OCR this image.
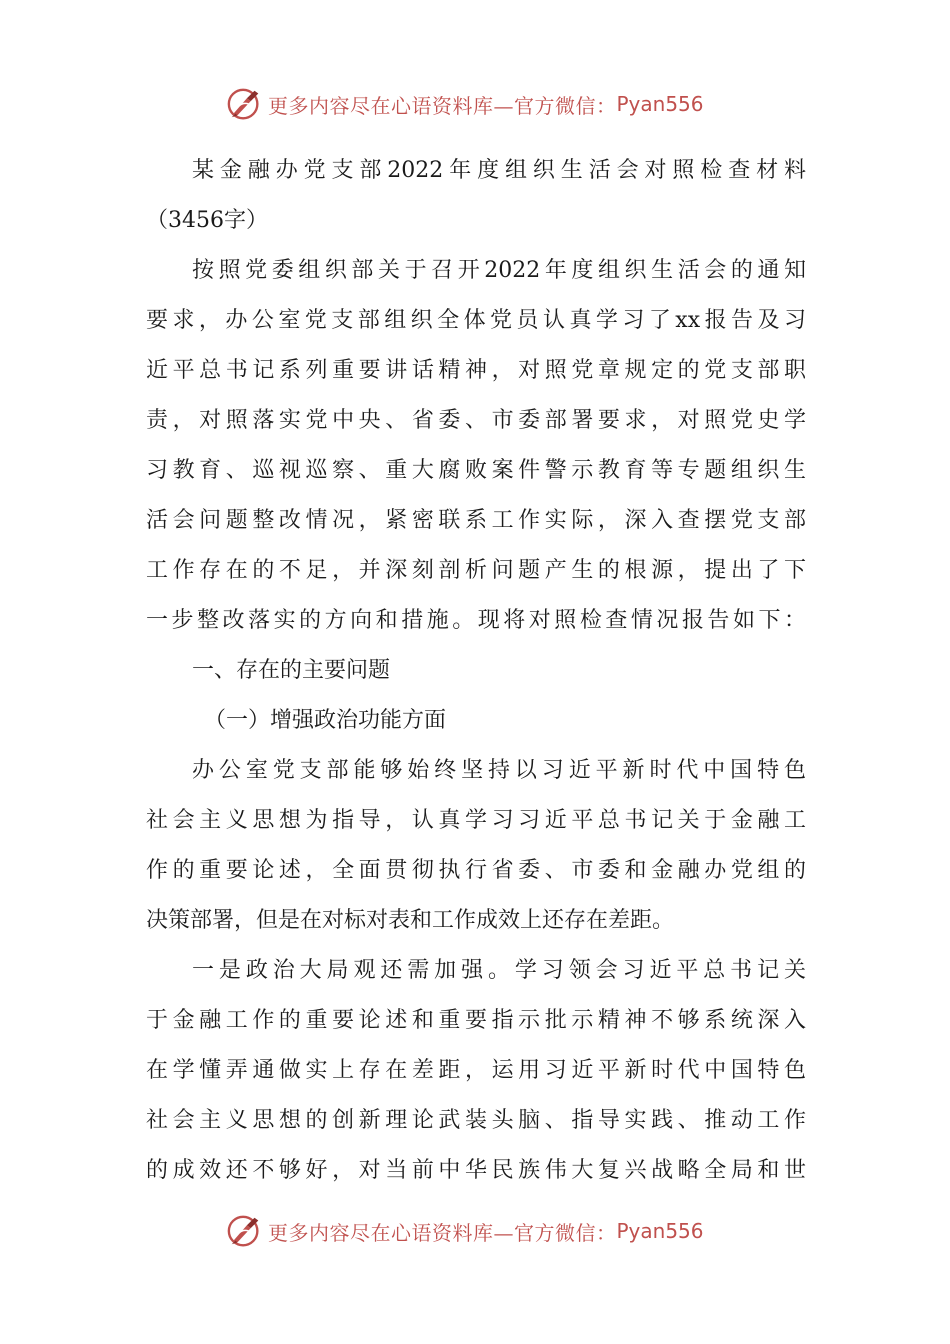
更多内容尽在心语资料库—官方微信： Pyan556
某金融办党支部2022年度组织生活会对照检查材料
（3456字）
按照党委组织部关于召开2022年度组织生活会的通知
要求，办公室党支部组织全体党员认真学习了xx报告及习
近平总书记系列重要讲话精神，对照党章规定的党支部职
责，对照落实党中央、省委、市委部署要求，对照党史学
习教育、巡视巡察、重大腐败案件警示教育等专题组织生
活会问题整改情况，紧密联系工作实际，深入查摆党支部
工作存在的不足，并深刻剖析问题产生的根源，提出了下
一步整改落实的方向和措施。现将对照检查情况报告如下：
一、存在的主要问题
（一）增强政治功能方面
办公室党支部能够始终坚持以习近平新时代中国特色
社会主义思想为指导，认真学习习近平总书记关于金融工
作的重要论述，全面贯彻执行省委、市委和金融办党组的
决策部署，但是在对标对表和工作成效上还存在差距。
一是政治大局观还需加强。学习领会习近平总书记关
于金融工作的重要论述和重要指示批示精神不够系统深入
在学懂弄通做实上存在差距，运用习近平新时代中国特色
社会主义思想的创新理论武装头脑、指导实践、推动工作
的成效还不够好，对当前中华民族伟大复兴战略全局和世
更多内容尽在心语资料库—官方微信： Pyan556
